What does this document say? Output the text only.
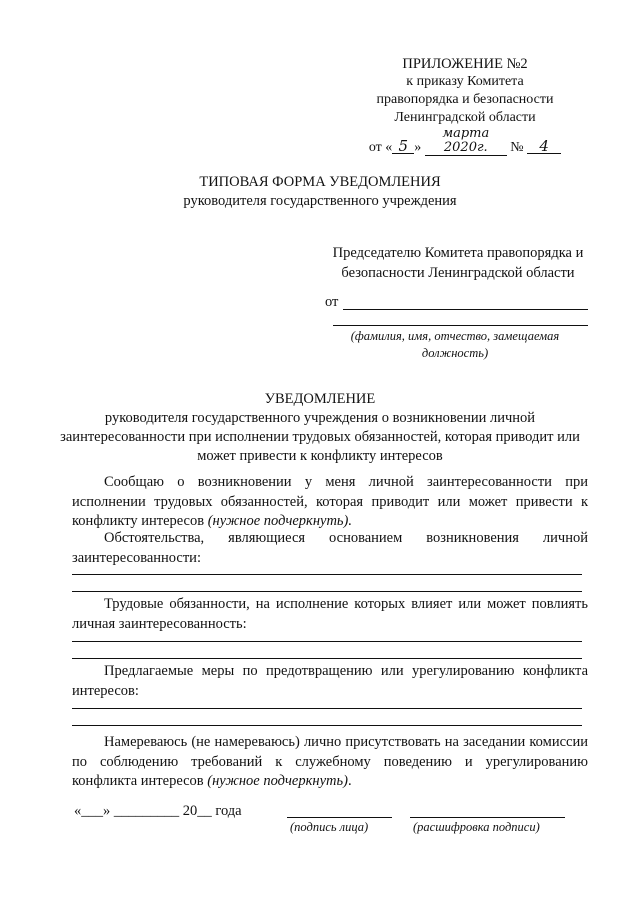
ПРИЛОЖЕНИЕ №2
к приказу Комитета
правопорядка и безопасности
Ленинградской области
от « 5 » марта 2020г. № 4
ТИПОВАЯ ФОРМА УВЕДОМЛЕНИЯ
руководителя государственного учреждения
Председателю Комитета правопорядка и
безопасности Ленинградской области
от
(фамилия, имя, отчество, замещаемая должность)
УВЕДОМЛЕНИЕ
руководителя государственного учреждения о возникновении личной заинтересованности при исполнении трудовых обязанностей, которая приводит или может привести к конфликту интересов
Сообщаю о возникновении у меня личной заинтересованности при исполнении трудовых обязанностей, которая приводит или может привести к конфликту интересов (нужное подчеркнуть).
Обстоятельства, являющиеся основанием возникновения личной заинтересованности:
Трудовые обязанности, на исполнение которых влияет или может повлиять личная заинтересованность:
Предлагаемые меры по предотвращению или урегулированию конфликта интересов:
Намереваюсь (не намереваюсь) лично присутствовать на заседании комиссии по соблюдению требований к служебному поведению и урегулированию конфликта интересов (нужное подчеркнуть).
«___» _________ 20__ года
(подпись лица)	(расшифровка подписи)
